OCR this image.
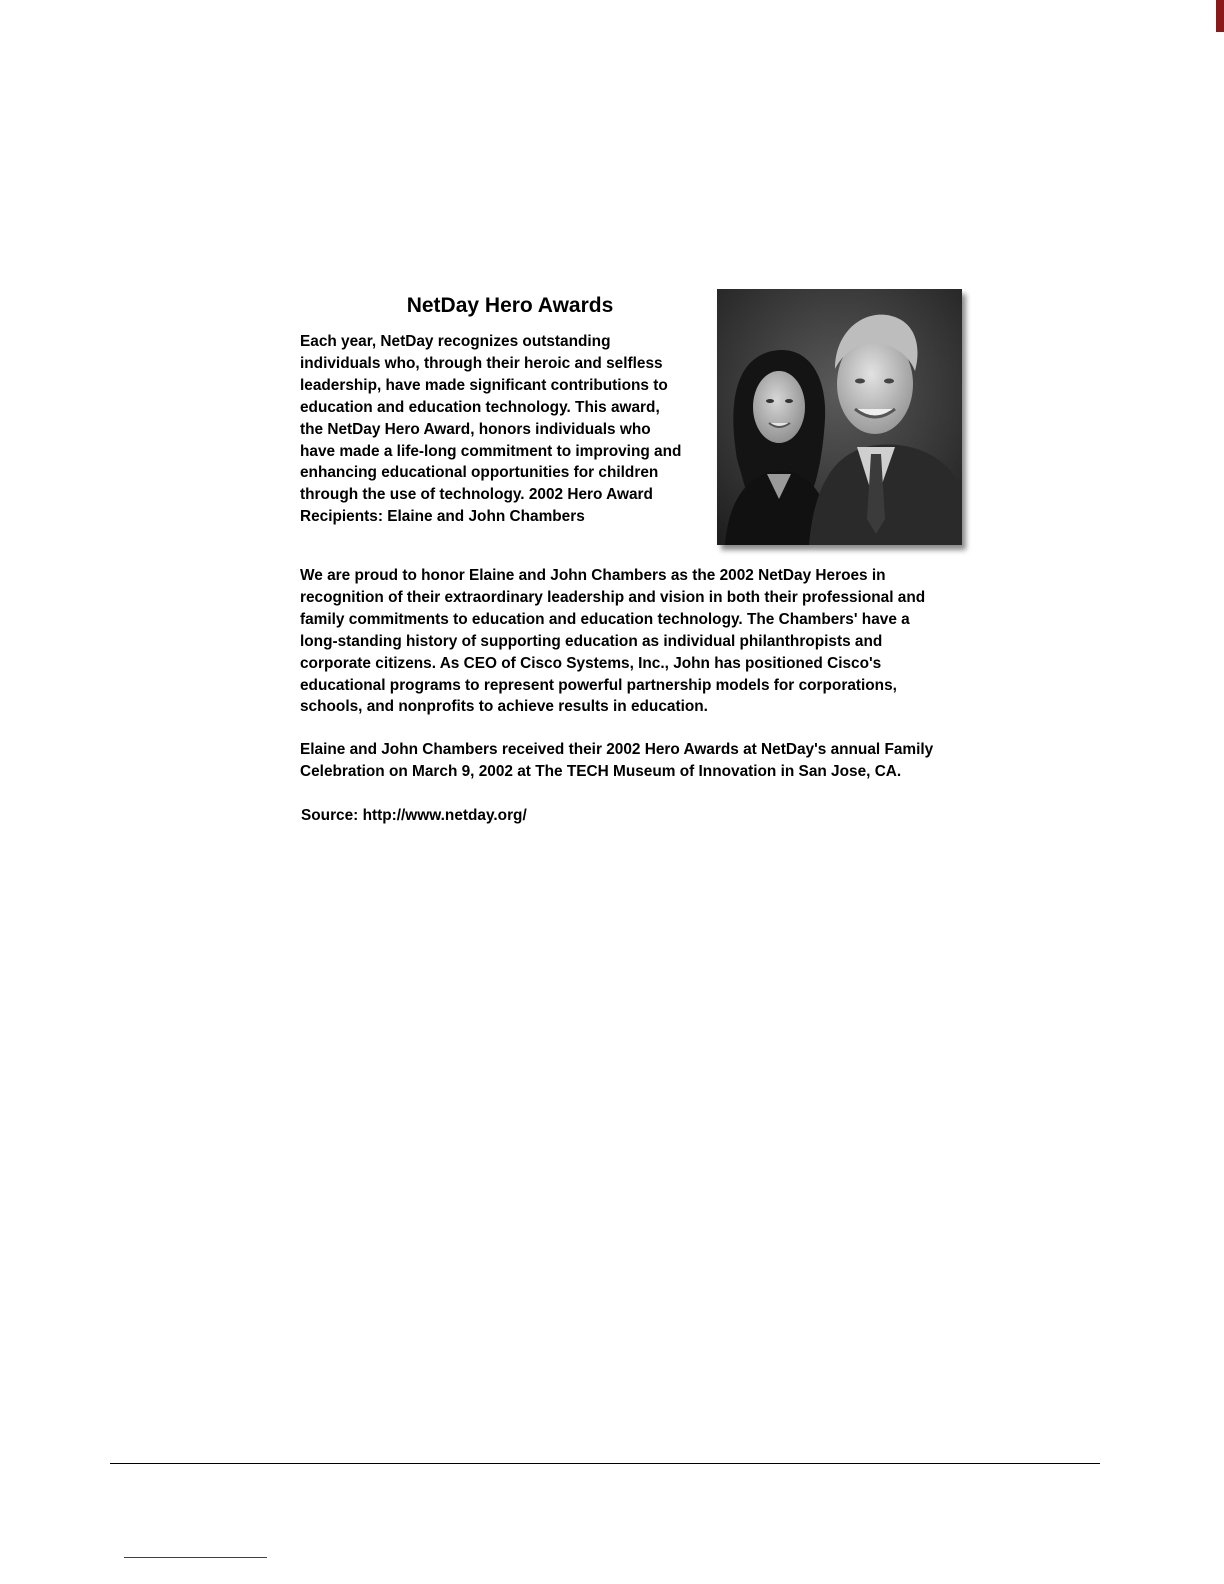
NetDay Hero Awards

Each year, NetDay recognizes outstanding
individuals who, through their heroic and selfless
leadership, have made significant contributions to
education and education technology. This award,
the NetDay Hero Award, honors individuals who
have made a life-long commitment to improving and
enhancing educational opportunities for children
through the use of technology. 2002 Hero Award
Recipients: Elaine and John Chambers

We are proud to honor Elaine and John Chambers as the 2002 NetDay Heroes in
recognition of their extraordinary leadership and vision in both their professional and
family commitments to education and education technology. The Chambers' have a
long-standing history of supporting education as individual philanthropists and
corporate citizens. As CEO of Cisco Systems, Inc., John has positioned Cisco's
educational programs to represent powerful partnership models for corporations,
schools, and nonprofits to achieve results in education.

Elaine and John Chambers received their 2002 Hero Awards at NetDay's annual Family
Celebration on March 9, 2002 at The TECH Museum of Innovation in San Jose, CA.

Source: http://www.netday.org/
